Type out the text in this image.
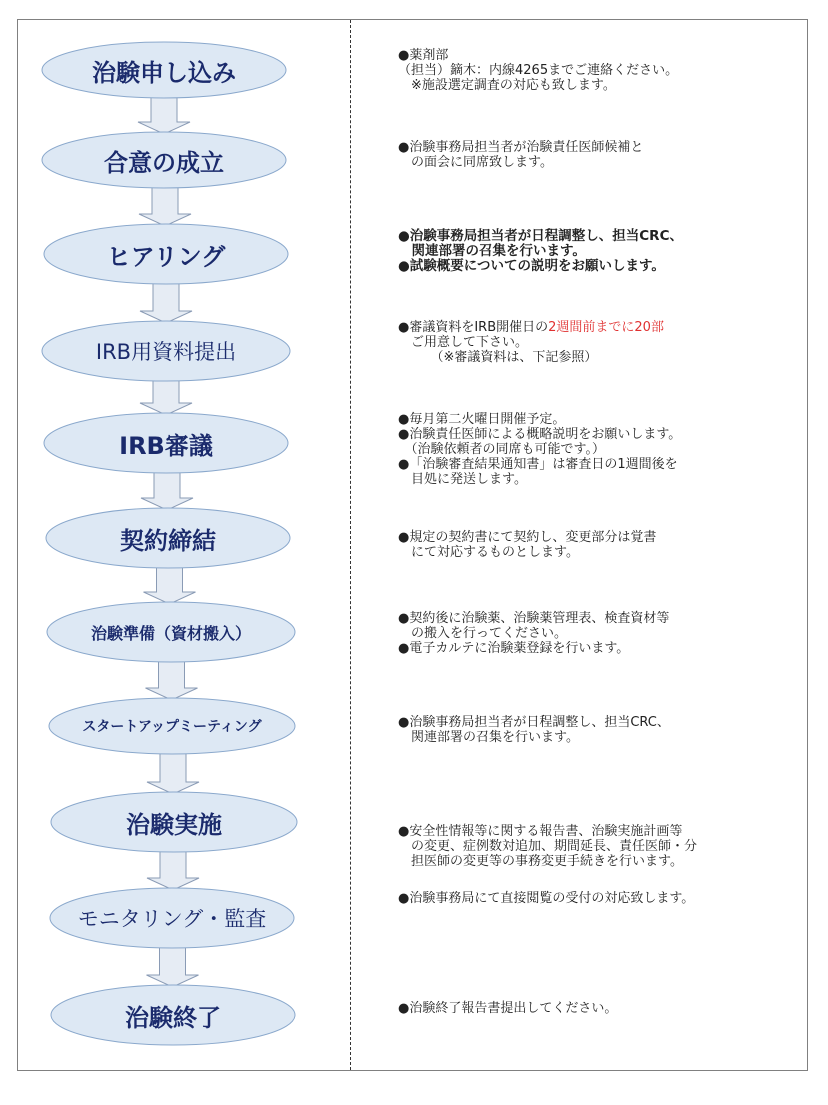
治験申し込み
合意の成立
ヒアリング
IRB用資料提出
IRB審議
契約締結
治験準備（資材搬入）
スタートアップミーティング
治験実施
モニタリング・監査
治験終了
●薬剤部
（担当）鏑木：内線4265までご連絡ください。
　※施設選定調査の対応も致します。
●治験事務局担当者が治験責任医師候補と
　の面会に同席致します。
●治験事務局担当者が日程調整し、担当CRC、
　関連部署の召集を行います。
●試験概要についての説明をお願いします。
●審議資料をIRB開催日の2週間前までに20部
　ご用意して下さい。
　　　（※審議資料は、下記参照）
●毎月第二火曜日開催予定。
●治験責任医師による概略説明をお願いします。
　（治験依頼者の同席も可能です。）
●「治験審査結果通知書」は審査日の1週間後を
　目処に発送します。
●規定の契約書にて契約し、変更部分は覚書
　にて対応するものとします。
●契約後に治験薬、治験薬管理表、検査資材等
　の搬入を行ってください。
●電子カルテに治験薬登録を行います。
●治験事務局担当者が日程調整し、担当CRC、
　関連部署の召集を行います。
●安全性情報等に関する報告書、治験実施計画等
　の変更、症例数対追加、期間延長、責任医師・分
　担医師の変更等の事務変更手続きを行います。
●治験事務局にて直接閲覧の受付の対応致します。
●治験終了報告書提出してください。
